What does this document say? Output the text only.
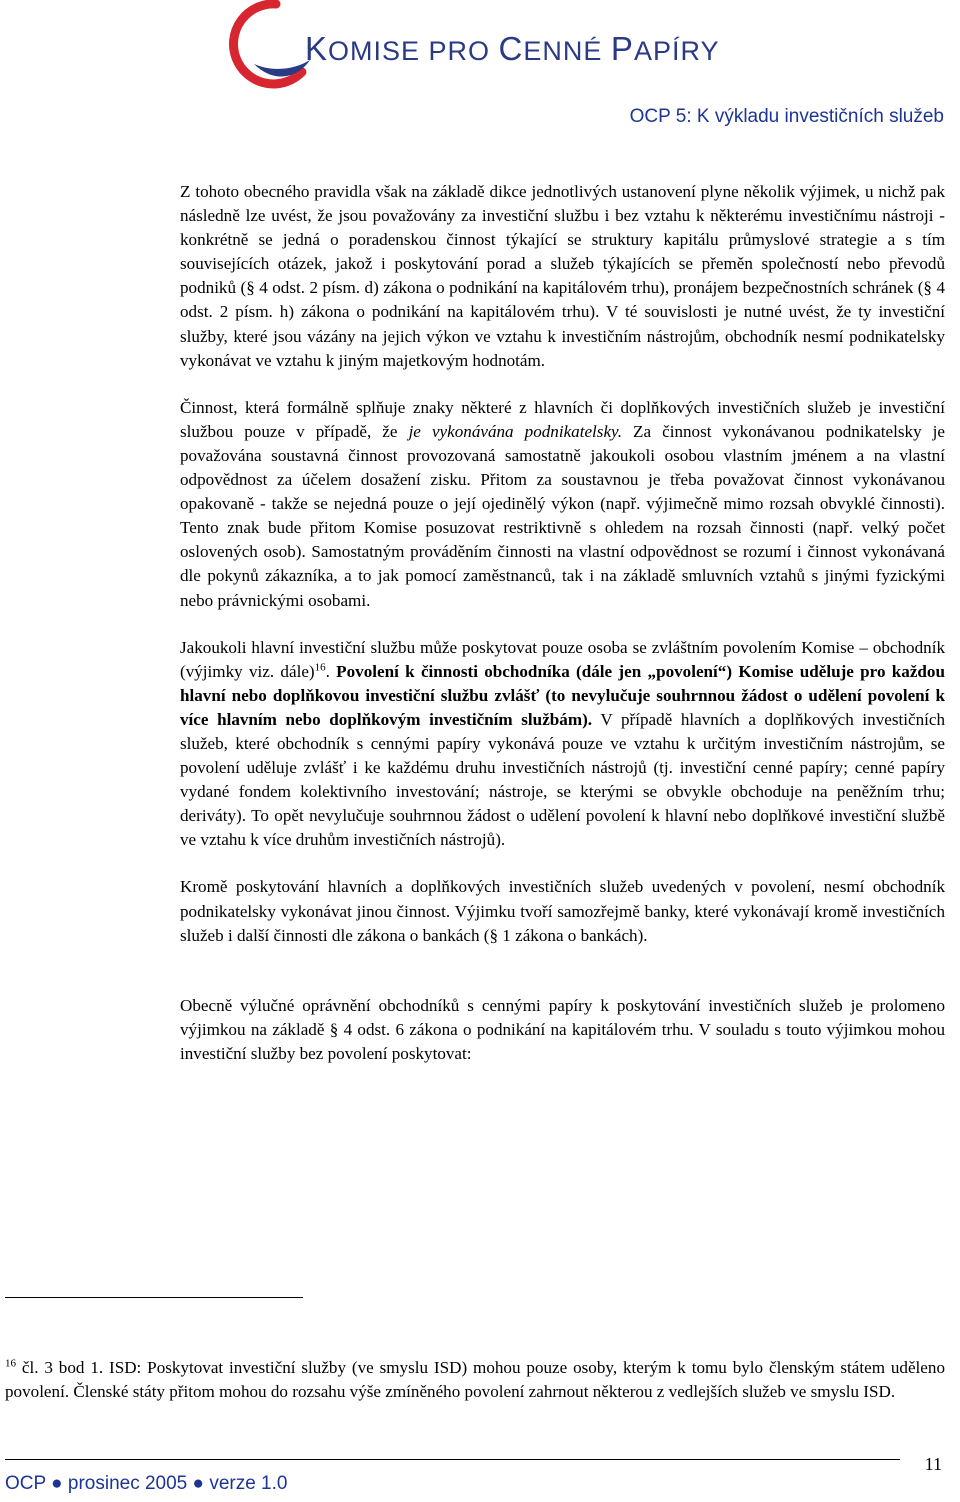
KOMISE PRO CENNÉ PAPÍRY
OCP 5: K výkladu investičních služeb

Z tohoto obecného pravidla však na základě dikce jednotlivých ustanovení plyne několik výjimek, u nichž pak následně lze uvést, že jsou považovány za investiční službu i bez vztahu k některému investičnímu nástroji - konkrétně se jedná o poradenskou činnost týkající se struktury kapitálu průmyslové strategie a s tím souvisejících otázek, jakož i poskytování porad a služeb týkajících se přeměn společností nebo převodů podniků (§ 4 odst. 2 písm. d) zákona o podnikání na kapitálovém trhu), pronájem bezpečnostních schránek (§ 4 odst. 2 písm. h) zákona o podnikání na kapitálovém trhu). V té souvislosti je nutné uvést, že ty investiční služby, které jsou vázány na jejich výkon ve vztahu k investičním nástrojům, obchodník nesmí podnikatelsky vykonávat ve vztahu k jiným majetkovým hodnotám.

Činnost, která formálně splňuje znaky některé z hlavních či doplňkových investičních služeb je investiční službou pouze v případě, že je vykonávána podnikatelsky. Za činnost vykonávanou podnikatelsky je považována soustavná činnost provozovaná samostatně jakoukoli osobou vlastním jménem a na vlastní odpovědnost za účelem dosažení zisku. Přitom za soustavnou je třeba považovat činnost vykonávanou opakovaně - takže se nejedná pouze o její ojedinělý výkon (např. výjimečně mimo rozsah obvyklé činnosti). Tento znak bude přitom Komise posuzovat restriktivně s ohledem na rozsah činnosti (např. velký počet oslovených osob). Samostatným prováděním činnosti na vlastní odpovědnost se rozumí i činnost vykonávaná dle pokynů zákazníka, a to jak pomocí zaměstnanců, tak i na základě smluvních vztahů s jinými fyzickými nebo právnickými osobami.

Jakoukoli hlavní investiční službu může poskytovat pouze osoba se zvláštním povolením Komise – obchodník (výjimky viz. dále)$^{16}$. Povolení k činnosti obchodníka (dále jen „povolení“) Komise uděluje pro každou hlavní nebo doplňkovou investiční službu zvlášť (to nevylučuje souhrnnou žádost o udělení povolení k více hlavním nebo doplňkovým investičním službám). V případě hlavních a doplňkových investičních služeb, které obchodník s cennými papíry vykonává pouze ve vztahu k určitým investičním nástrojům, se povolení uděluje zvlášť i ke každému druhu investičních nástrojů (tj. investiční cenné papíry; cenné papíry vydané fondem kolektivního investování; nástroje, se kterými se obvykle obchoduje na peněžním trhu; deriváty). To opět nevylučuje souhrnnou žádost o udělení povolení k hlavní nebo doplňkové investiční službě ve vztahu k více druhům investičních nástrojů).

Kromě poskytování hlavních a doplňkových investičních služeb uvedených v povolení, nesmí obchodník podnikatelsky vykonávat jinou činnost. Výjimku tvoří samozřejmě banky, které vykonávají kromě investičních služeb i další činnosti dle zákona o bankách (§ 1 zákona o bankách).

Obecně výlučné oprávnění obchodníků s cennými papíry k poskytování investičních služeb je prolomeno výjimkou na základě § 4 odst. 6 zákona o podnikání na kapitálovém trhu. V souladu s touto výjimkou mohou investiční služby bez povolení poskytovat:

$^{16}$ čl. 3 bod 1. ISD: Poskytovat investiční služby (ve smyslu ISD) mohou pouze osoby, kterým k tomu bylo členským státem uděleno povolení. Členské státy přitom mohou do rozsahu výše zmíněného povolení zahrnout některou z vedlejších služeb ve smyslu ISD.
OCP ● prosinec 2005 ● verze 1.0
11
